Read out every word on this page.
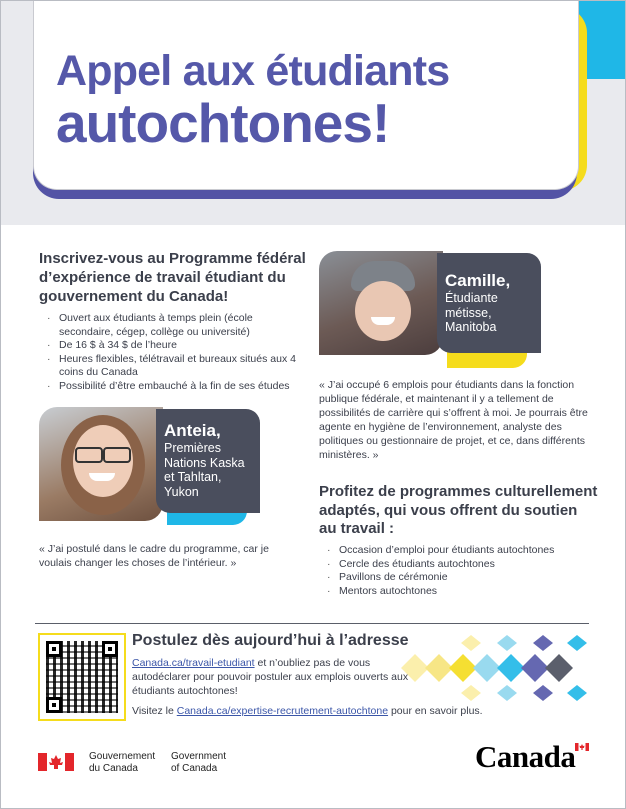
Appel aux étudiants
autochtones!
Inscrivez-vous au Programme fédéral d’expérience de travail étudiant du gouvernement du Canada!
· Ouvert aux étudiants à temps plein (école secondaire, cégep, collège ou université)
· De 16 $ à 34 $ de l’heure
· Heures flexibles, télétravail et bureaux situés aux 4 coins du Canada
· Possibilité d’être embauché à la fin de ses études
Camille,
Étudiante métisse, Manitoba
« J’ai occupé 6 emplois pour étudiants dans la fonction publique fédérale, et maintenant il y a tellement de possibilités de carrière qui s’offrent à moi. Je pourrais être agente en hygiène de l’environnement, analyste des politiques ou gestionnaire de projet, et ce, dans différents ministères. »
Anteia,
Premières Nations Kaska et Tahltan, Yukon
« J’ai postulé dans le cadre du programme, car je voulais changer les choses de l’intérieur. »
Profitez de programmes culturellement adaptés, qui vous offrent du soutien au travail :
· Occasion d’emploi pour étudiants autochtones
· Cercle des étudiants autochtones
· Pavillons de cérémonie
· Mentors autochtones
Postulez dès aujourd’hui à l’adresse
Canada.ca/travail-etudiant et n’oubliez pas de vous autodéclarer pour pouvoir postuler aux emplois ouverts aux étudiants autochtones!
Visitez le Canada.ca/expertise-recrutement-autochtone pour en savoir plus.
Gouvernement
du Canada
Government
of Canada	Canada
